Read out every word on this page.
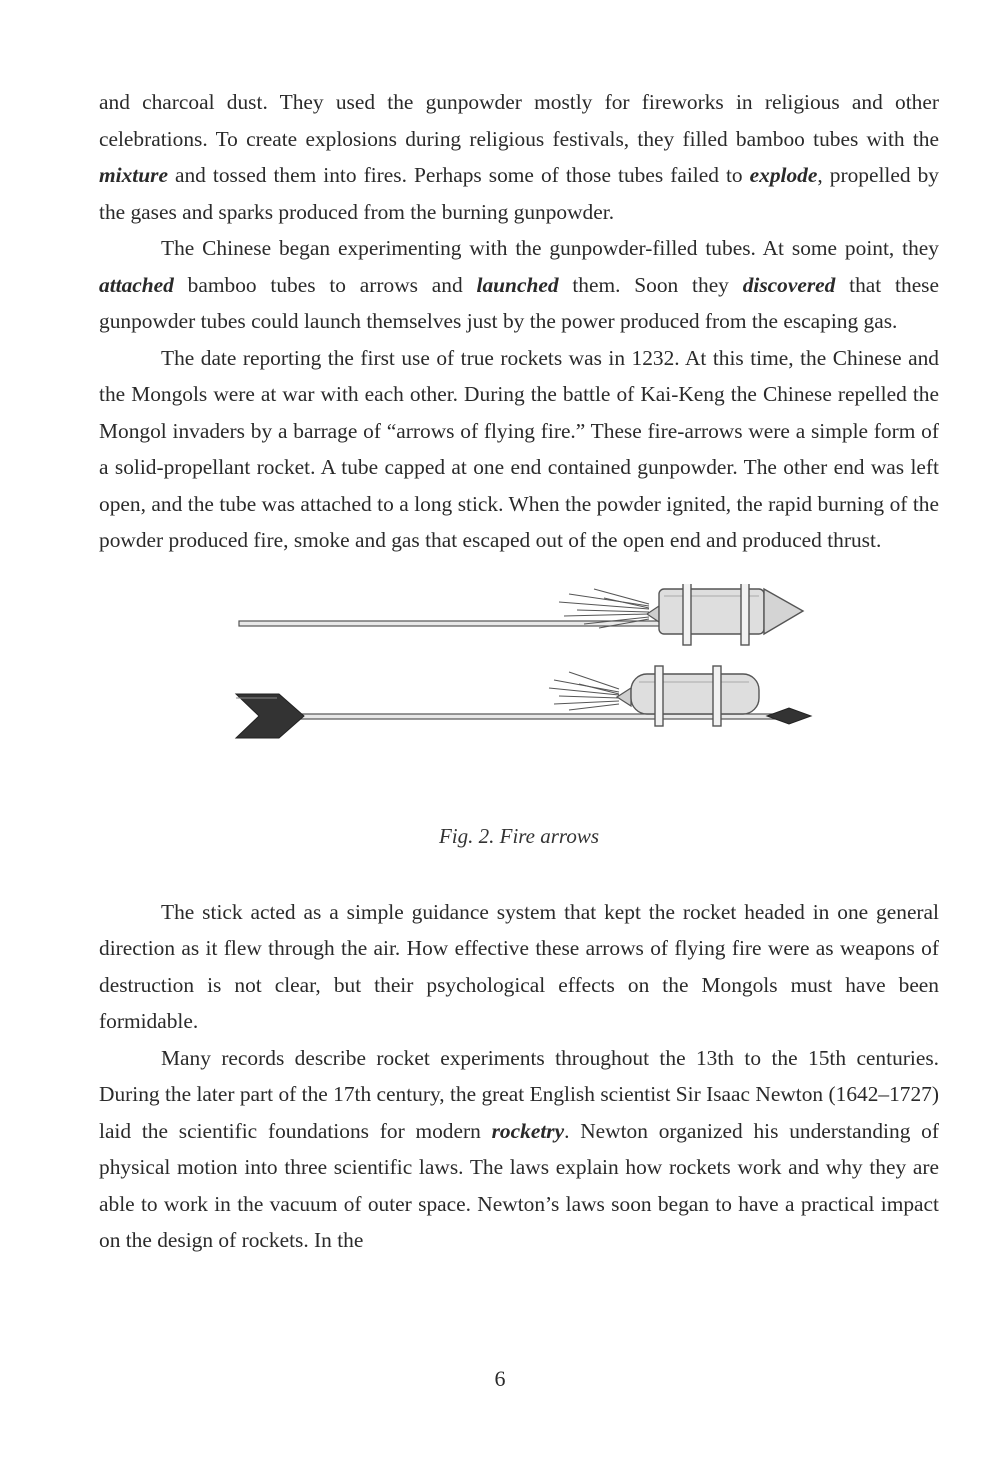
and charcoal dust. They used the gunpowder mostly for fireworks in religious and other celebrations. To create explosions during religious festivals, they filled bamboo tubes with the mixture and tossed them into fires. Perhaps some of those tubes failed to explode, propelled by the gases and sparks produced from the burning gunpowder.

The Chinese began experimenting with the gunpowder-filled tubes. At some point, they attached bamboo tubes to arrows and launched them. Soon they discovered that these gunpowder tubes could launch themselves just by the power produced from the escaping gas.

The date reporting the first use of true rockets was in 1232. At this time, the Chinese and the Mongols were at war with each other. During the battle of Kai-Keng the Chinese repelled the Mongol invaders by a barrage of “arrows of flying fire.” These fire-arrows were a simple form of a solid-propellant rocket. A tube capped at one end contained gunpowder. The other end was left open, and the tube was attached to a long stick. When the powder ignited, the rapid burning of the powder produced fire, smoke and gas that escaped out of the open end and produced thrust.

Fig. 2. Fire arrows

The stick acted as a simple guidance system that kept the rocket headed in one general direction as it flew through the air. How effective these arrows of flying fire were as weapons of destruction is not clear, but their psychological effects on the Mongols must have been formidable.

Many records describe rocket experiments throughout the 13th to the 15th centuries. During the later part of the 17th century, the great English scientist Sir Isaac Newton (1642–1727) laid the scientific foundations for modern rocketry. Newton organized his understanding of physical motion into three scientific laws. The laws explain how rockets work and why they are able to work in the vacuum of outer space. Newton’s laws soon began to have a practical impact on the design of rockets. In the

6
